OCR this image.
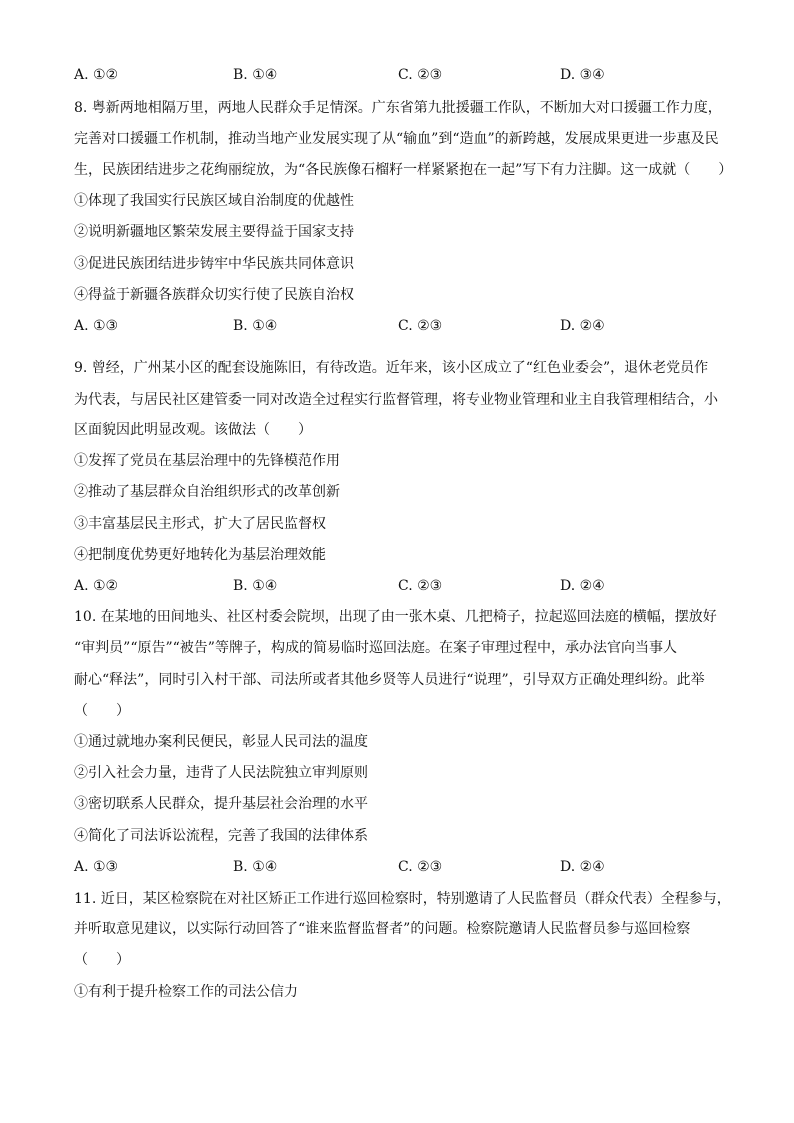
A. ①②	B. ①④	C. ②③	D. ③④
8. 粤新两地相隔万里，两地人民群众手足情深。广东省第九批援疆工作队，不断加大对口援疆工作力度，
完善对口援疆工作机制，推动当地产业发展实现了从“输血”到“造血”的新跨越，发展成果更进一步惠及民
生，民族团结进步之花绚丽绽放，为“各民族像石榴籽一样紧紧抱在一起”写下有力注脚。这一成就（　　）
①体现了我国实行民族区域自治制度的优越性
②说明新疆地区繁荣发展主要得益于国家支持
③促进民族团结进步铸牢中华民族共同体意识
④得益于新疆各族群众切实行使了民族自治权
A. ①③	B. ①④	C. ②③	D. ②④
9. 曾经，广州某小区的配套设施陈旧，有待改造。近年来，该小区成立了“红色业委会”，退休老党员作
为代表，与居民社区建管委一同对改造全过程实行监督管理，将专业物业管理和业主自我管理相结合，小
区面貌因此明显改观。该做法（　　）
①发挥了党员在基层治理中的先锋模范作用
②推动了基层群众自治组织形式的改革创新
③丰富基层民主形式，扩大了居民监督权
④把制度优势更好地转化为基层治理效能
A. ①②	B. ①④	C. ②③	D. ②④
10. 在某地的田间地头、社区村委会院坝，出现了由一张木桌、几把椅子，拉起巡回法庭的横幅，摆放好
“审判员”“原告”“被告”等牌子，构成的简易临时巡回法庭。在案子审理过程中，承办法官向当事人
耐心“释法”，同时引入村干部、司法所或者其他乡贤等人员进行“说理”，引导双方正确处理纠纷。此举
（　　）
①通过就地办案利民便民，彰显人民司法的温度
②引入社会力量，违背了人民法院独立审判原则
③密切联系人民群众，提升基层社会治理的水平
④简化了司法诉讼流程，完善了我国的法律体系
A. ①③	B. ①④	C. ②③	D. ②④
11. 近日，某区检察院在对社区矫正工作进行巡回检察时，特别邀请了人民监督员（群众代表）全程参与，
并听取意见建议，以实际行动回答了“谁来监督监督者”的问题。检察院邀请人民监督员参与巡回检察
（　　）
①有利于提升检察工作的司法公信力
